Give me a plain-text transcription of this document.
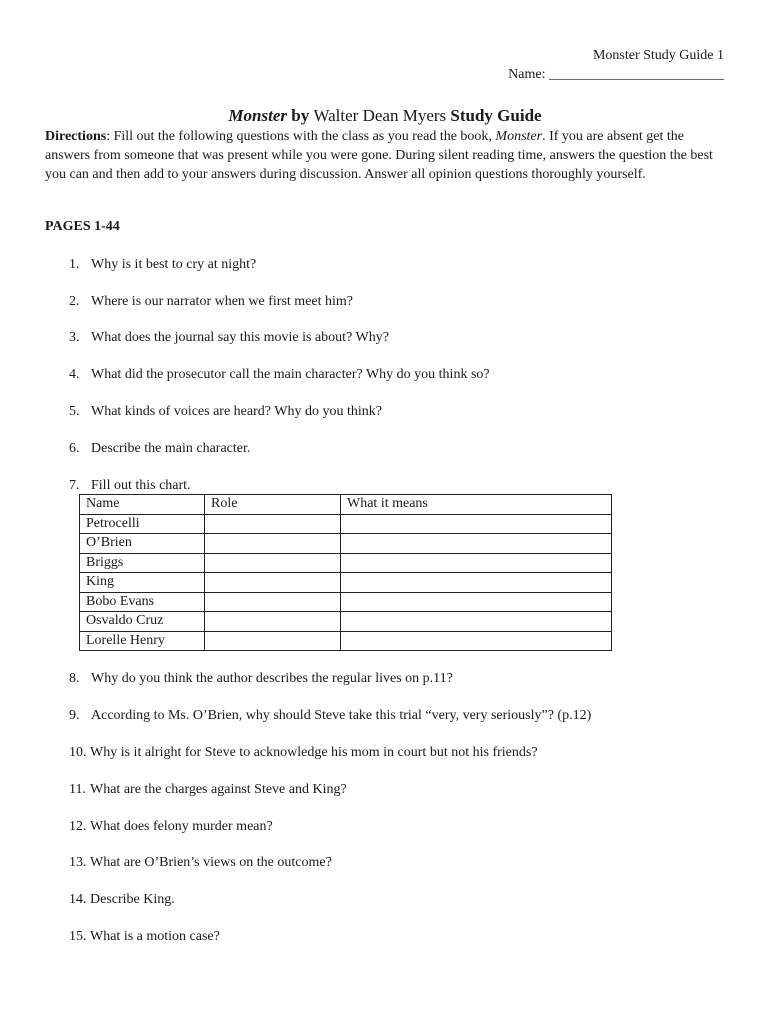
Monster Study Guide 1
Name: _________________________
Monster by Walter Dean Myers Study Guide
Directions: Fill out the following questions with the class as you read the book, Monster. If you are absent get the answers from someone that was present while you were gone. During silent reading time, answers the question the best you can and then add to your answers during discussion. Answer all opinion questions thoroughly yourself.
PAGES 1-44
1. Why is it best to cry at night?
2. Where is our narrator when we first meet him?
3. What does the journal say this movie is about? Why?
4. What did the prosecutor call the main character? Why do you think so?
5. What kinds of voices are heard? Why do you think?
6. Describe the main character.
7. Fill out this chart.
Name	Role	What it means
Petrocelli		
O’Brien		
Briggs		
King		
Bobo Evans		
Osvaldo Cruz		
Lorelle Henry		
8. Why do you think the author describes the regular lives on p.11?
9. According to Ms. O’Brien, why should Steve take this trial “very, very seriously”? (p.12)
10. Why is it alright for Steve to acknowledge his mom in court but not his friends?
11. What are the charges against Steve and King?
12. What does felony murder mean?
13. What are O’Brien’s views on the outcome?
14. Describe King.
15. What is a motion case?
